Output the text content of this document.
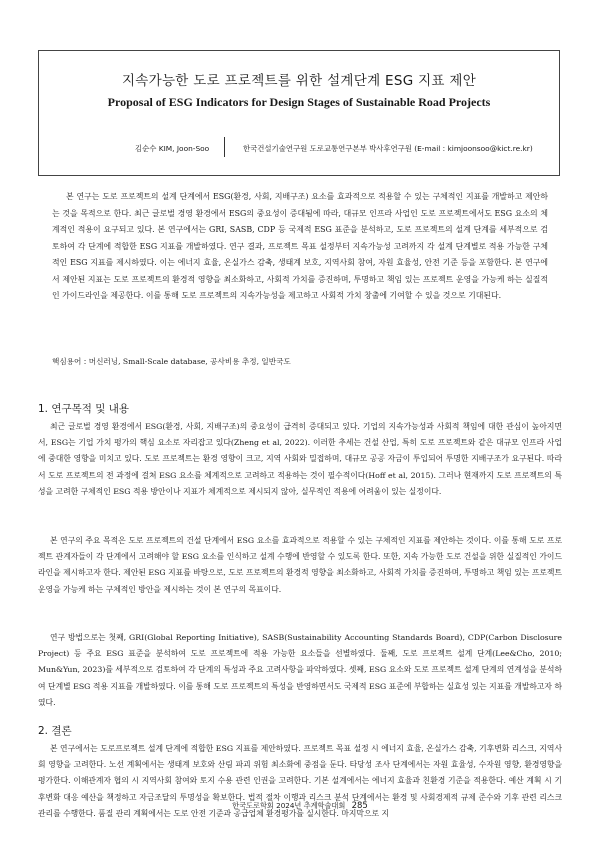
지속가능한 도로 프로젝트를 위한 설계단계 ESG 지표 제안
Proposal of ESG Indicators for Design Stages of Sustainable Road Projects
김순수 KIM, Joon-Soo	한국건설기술연구원 도로교통연구본부 박사후연구원 (E-mail : kimjoonsoo@kict.re.kr)

본 연구는 도로 프로젝트의 설계 단계에서 ESG(환경, 사회, 지배구조) 요소를 효과적으로 적용할 수 있는 구체적인 지표를 개발하고 제안하는 것을 목적으로 한다. 최근 글로벌 경영 환경에서 ESG의 중요성이 증대됨에 따라, 대규모 인프라 사업인 도로 프로젝트에서도 ESG 요소의 체계적인 적용이 요구되고 있다. 본 연구에서는 GRI, SASB, CDP 등 국제적 ESG 표준을 분석하고, 도로 프로젝트의 설계 단계를 세부적으로 검토하여 각 단계에 적합한 ESG 지표를 개발하였다. 연구 결과, 프로젝트 목표 설정부터 지속가능성 고려까지 각 설계 단계별로 적용 가능한 구체적인 ESG 지표를 제시하였다. 이는 에너지 효율, 온실가스 감축, 생태계 보호, 지역사회 참여, 자원 효율성, 안전 기준 등을 포함한다. 본 연구에서 제안된 지표는 도로 프로젝트의 환경적 영향을 최소화하고, 사회적 가치를 증진하며, 투명하고 책임 있는 프로젝트 운영을 가능케 하는 실질적인 가이드라인을 제공한다. 이를 통해 도로 프로젝트의 지속가능성을 제고하고 사회적 가치 창출에 기여할 수 있을 것으로 기대된다.

핵심용어 : 머신러닝, Small-Scale database, 공사비용 추정, 일반국도
1. 연구목적 및 내용

최근 글로벌 경영 환경에서 ESG(환경, 사회, 지배구조)의 중요성이 급격히 증대되고 있다. 기업의 지속가능성과 사회적 책임에 대한 관심이 높아지면서, ESG는 기업 가치 평가의 핵심 요소로 자리잡고 있다(Zheng et al, 2022). 이러한 추세는 건설 산업, 특히 도로 프로젝트와 같은 대규모 인프라 사업에 중대한 영향을 미치고 있다. 도로 프로젝트는 환경 영향이 크고, 지역 사회와 밀접하며, 대규모 공공 자금이 투입되어 투명한 지배구조가 요구된다. 따라서 도로 프로젝트의 전 과정에 걸쳐 ESG 요소를 체계적으로 고려하고 적용하는 것이 필수적이다(Hoff et al, 2015). 그러나 현재까지 도로 프로젝트의 특성을 고려한 구체적인 ESG 적용 방안이나 지표가 체계적으로 제시되지 않아, 실무적인 적용에 어려움이 있는 실정이다.

본 연구의 주요 목적은 도로 프로젝트의 건설 단계에서 ESG 요소를 효과적으로 적용할 수 있는 구체적인 지표를 제안하는 것이다. 이를 통해 도로 프로젝트 관계자들이 각 단계에서 고려해야 할 ESG 요소를 인식하고 설계 수행에 반영할 수 있도록 한다. 또한, 지속 가능한 도로 건설을 위한 실질적인 가이드라인을 제시하고자 한다. 제안된 ESG 지표를 바탕으로, 도로 프로젝트의 환경적 영향을 최소화하고, 사회적 가치를 증진하며, 투명하고 책임 있는 프로젝트 운영을 가능케 하는 구체적인 방안을 제시하는 것이 본 연구의 목표이다.

연구 방법으로는 첫째, GRI(Global Reporting Initiative), SASB(Sustainability Accounting Standards Board), CDP(Carbon Disclosure Project) 등 주요 ESG 표준을 분석하여 도로 프로젝트에 적용 가능한 요소들을 선별하였다. 둘째, 도로 프로젝트 설계 단계(Lee&Cho, 2010; Mun&Yun, 2023)를 세부적으로 검토하여 각 단계의 특성과 주요 고려사항을 파악하였다. 셋째, ESG 요소와 도로 프로젝트 설계 단계의 연계성을 분석하여 단계별 ESG 적용 지표를 개발하였다. 이를 통해 도로 프로젝트의 특성을 반영하면서도 국제적 ESG 표준에 부합하는 실효성 있는 지표를 개발하고자 하였다.

2. 결론

본 연구에서는 도로프로젝트 설계 단계에 적합한 ESG 지표를 제안하였다. 프로젝트 목표 설정 시 에너지 효율, 온실가스 감축, 기후변화 리스크, 지역사회 영향을 고려한다. 노선 계획에서는 생태계 보호와 산림 파괴 위험 최소화에 중점을 둔다. 타당성 조사 단계에서는 자원 효율성, 수자원 영향, 환경영향을 평가한다. 이해관계자 협의 시 지역사회 참여와 토지 수용 관련 인권을 고려한다. 기본 설계에서는 에너지 효율과 친환경 기준을 적용한다. 예산 계획 시 기후변화 대응 예산을 책정하고 자금조달의 투명성을 확보한다. 법적 절차 이행과 리스크 분석 단계에서는 환경 및 사회경제적 규제 준수와 기후 관련 리스크 관리를 수행한다. 품질 관리 계획에서는 도로 안전 기준과 공급업체 환경평가를 실시한다. 마지막으로 지

한국도로학회 2024년 추계학술대회 285
